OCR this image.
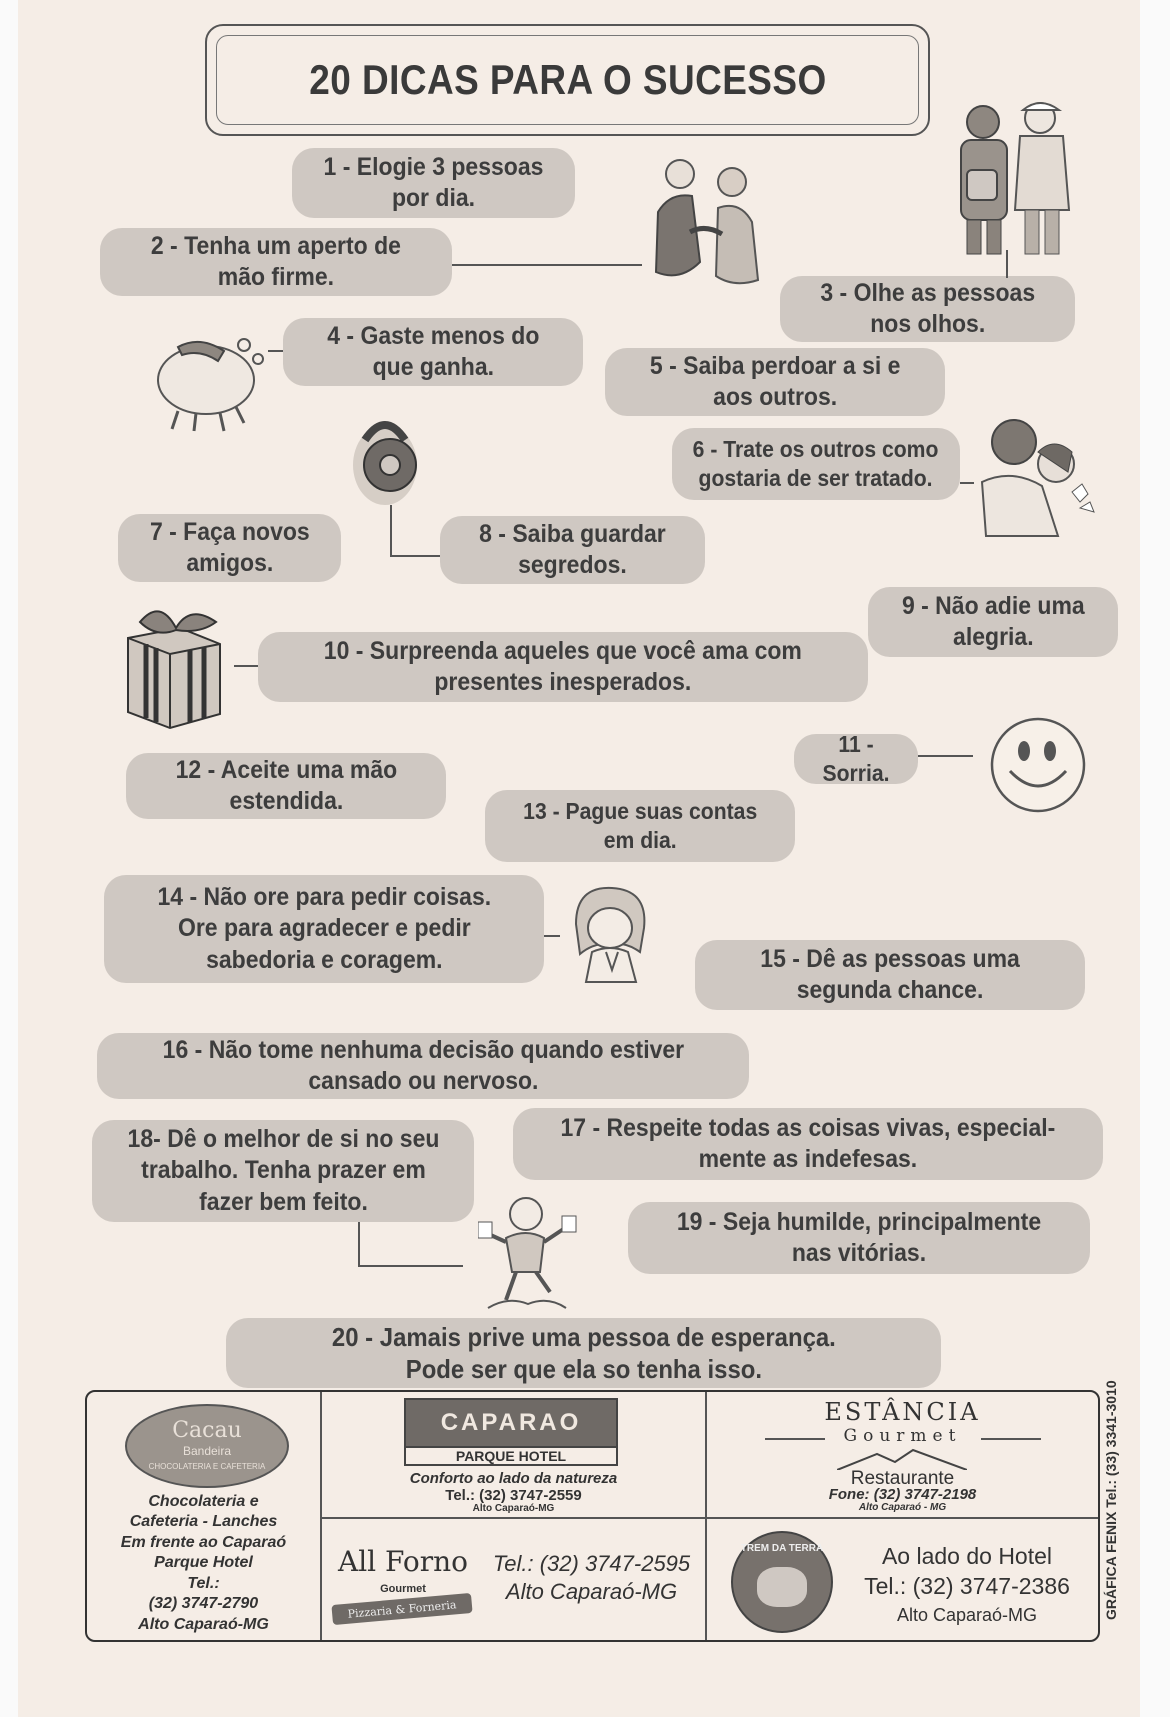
20 DICAS PARA O SUCESSO
1 - Elogie 3 pessoas
por dia.
2 - Tenha um aperto de
mão firme.
3 - Olhe as pessoas
nos olhos.
4 - Gaste menos do
que ganha.	5 - Saiba perdoar a si e
aos outros.
6 - Trate os outros como
gostaria de ser tratado.
7 - Faça novos
amigos.
8 - Saiba guardar
segredos.
9 - Não adie uma
alegria.
10 - Surpreenda aqueles que você ama com
presentes inesperados.
11 - Sorria.
12 - Aceite uma mão
estendida.	13 - Pague suas contas
em dia.
14 - Não ore para pedir coisas.
Ore para agradecer e pedir
sabedoria e coragem.	15 - Dê as pessoas uma
segunda chance.
16 - Não tome nenhuma decisão quando estiver
cansado ou nervoso.
17 - Respeite todas as coisas vivas, especial-
mente as indefesas.
18- Dê o melhor de si no seu
trabalho. Tenha prazer em
fazer bem feito.
19 - Seja humilde, principalmente
nas vitórias.
20 - Jamais prive uma pessoa de esperança.
Pode ser que ela so tenha isso.
Cacau
Bandeira
CHOCOLATERIA E CAFETERIA
Chocolateria e
Cafeteria - Lanches
Em frente ao Caparaó
Parque Hotel
Tel.:
(32) 3747-2790
Alto Caparaó-MG
CAPARAO
PARQUE HOTEL
Conforto ao lado da natureza
Tel.: (32) 3747-2559
Alto Caparaó-MG
ESTÂNCIA
Gourmet
Restaurante
Fone: (32) 3747-2198
Alto Caparaó - MG
All Forno
Gourmet
Pizzaria & Forneria
Tel.: (32) 3747-2595
Alto Caparaó-MG
TREM DA TERRA	Ao lado do Hotel
Tel.: (32) 3747-2386
Alto Caparaó-MG	GRÁFICA FENIX Tel.: (33) 3341-3010
